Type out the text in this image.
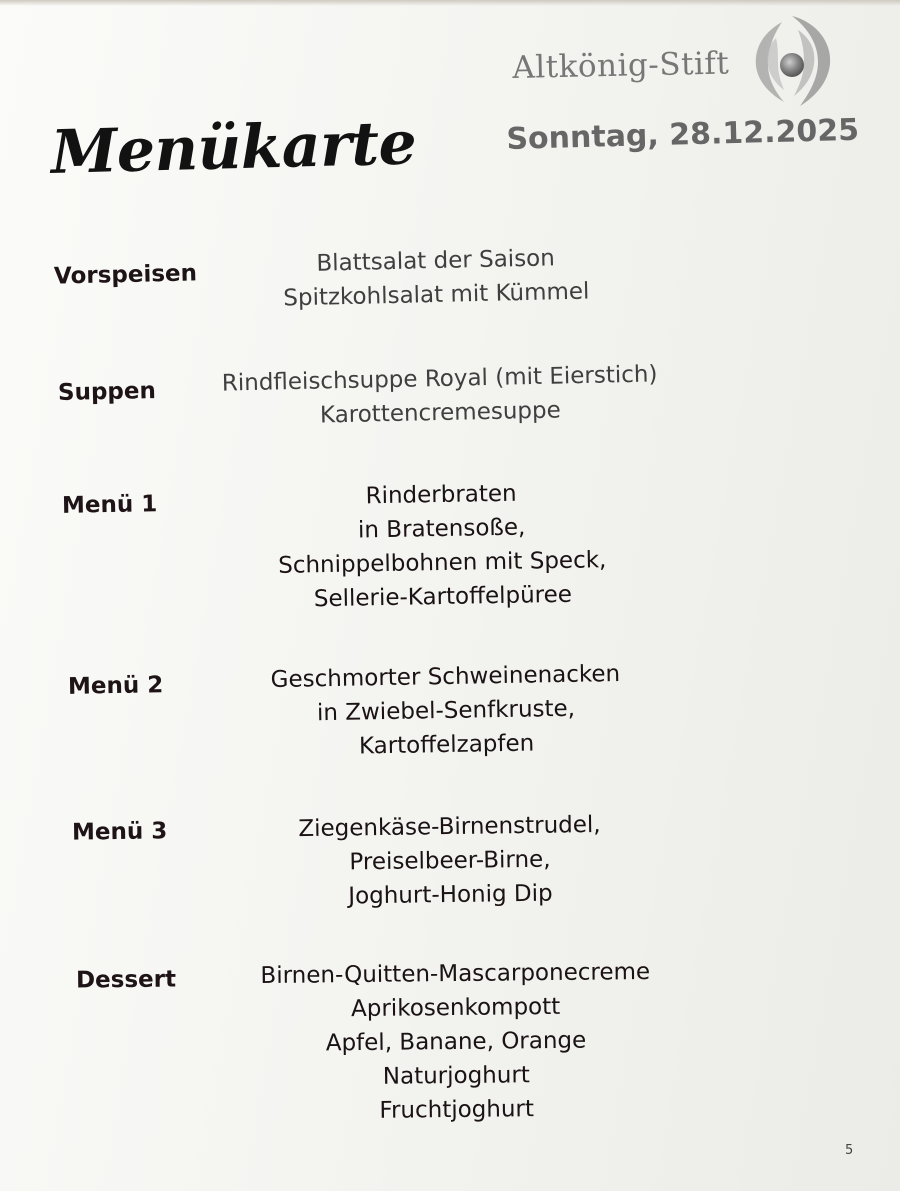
Altkönig-Stift
Menükarte	Sonntag, 28.12.2025
Vorspeisen	Blattsalat der Saison
Spitzkohlsalat mit Kümmel
Suppen	Rindfleischsuppe Royal (mit Eierstich)
Karottencremesuppe
Menü 1	Rinderbraten
in Bratensoße,
Schnippelbohnen mit Speck,
Sellerie-Kartoffelpüree
Menü 2	Geschmorter Schweinenacken
in Zwiebel-Senfkruste,
Kartoffelzapfen
Menü 3	Ziegenkäse-Birnenstrudel,
Preiselbeer-Birne,
Joghurt-Honig Dip
Dessert	Birnen-Quitten-Mascarponecreme
Aprikosenkompott
Apfel, Banane, Orange
Naturjoghurt
Fruchtjoghurt
5
